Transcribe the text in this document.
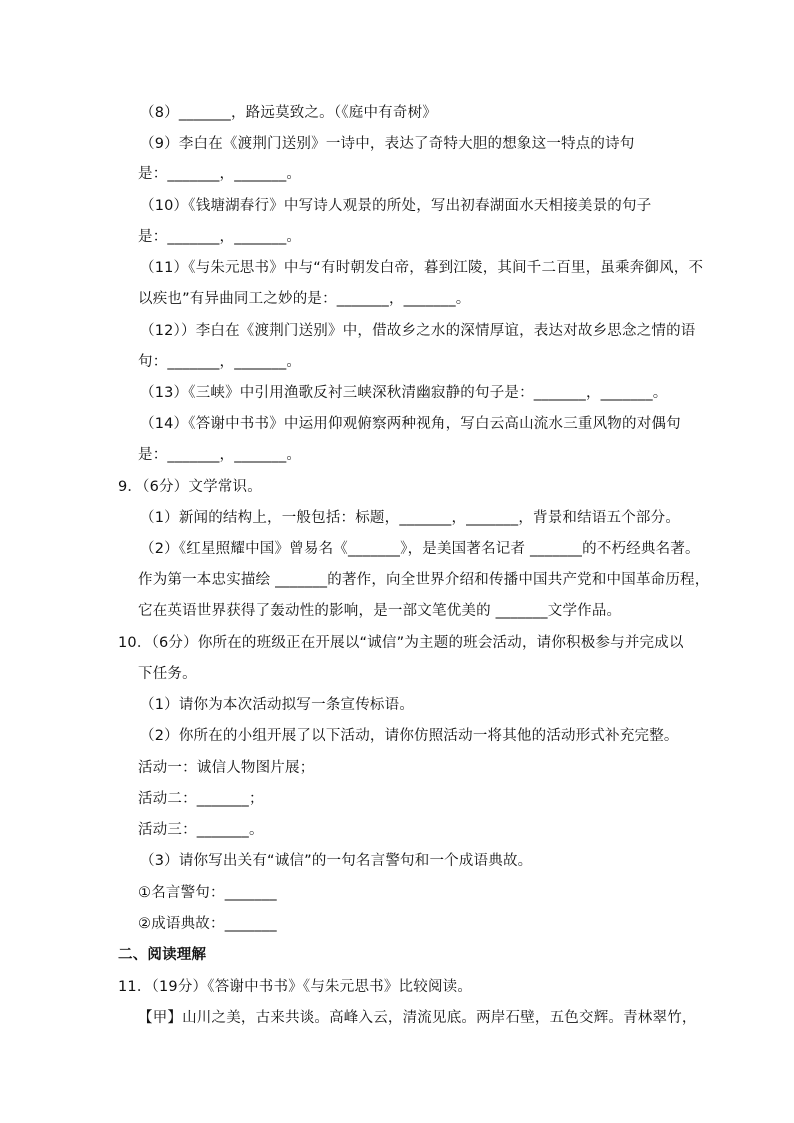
（8）_______，路远莫致之。（《庭中有奇树》
（9）李白在《渡荆门送别》一诗中，表达了奇特大胆的想象这一特点的诗句
是：_______，_______。
（10）《钱塘湖春行》中写诗人观景的所处，写出初春湖面水天相接美景的句子
是：_______，_______。
（11）《与朱元思书》中与“有时朝发白帝，暮到江陵，其间千二百里，虽乘奔御风，不
以疾也”有异曲同工之妙的是：_______，_______。
（12））李白在《渡荆门送别》中，借故乡之水的深情厚谊，表达对故乡思念之情的语
句：_______，_______。
（13）《三峡》中引用渔歌反衬三峡深秋清幽寂静的句子是：_______，_______。
（14）《答谢中书书》中运用仰观俯察两种视角，写白云高山流水三重风物的对偶句
是：_______，_______。
9．（6分）文学常识。
（1）新闻的结构上，一般包括：标题，_______，_______，背景和结语五个部分。
（2）《红星照耀中国》曾易名《_______》，是美国著名记者 _______的不朽经典名著。
作为第一本忠实描绘 _______的著作，向全世界介绍和传播中国共产党和中国革命历程，
它在英语世界获得了轰动性的影响，是一部文笔优美的 _______文学作品。
10．（6分）你所在的班级正在开展以“诚信”为主题的班会活动，请你积极参与并完成以
下任务。
（1）请你为本次活动拟写一条宣传标语。
（2）你所在的小组开展了以下活动，请你仿照活动一将其他的活动形式补充完整。
活动一：诚信人物图片展；
活动二：_______；
活动三：_______。
（3）请你写出关有“诚信”的一句名言警句和一个成语典故。
①名言警句：_______
②成语典故：_______
二、阅读理解
11．（19分）《答谢中书书》《与朱元思书》比较阅读。
【甲】山川之美，古来共谈。高峰入云，清流见底。两岸石壁，五色交辉。青林翠竹，
